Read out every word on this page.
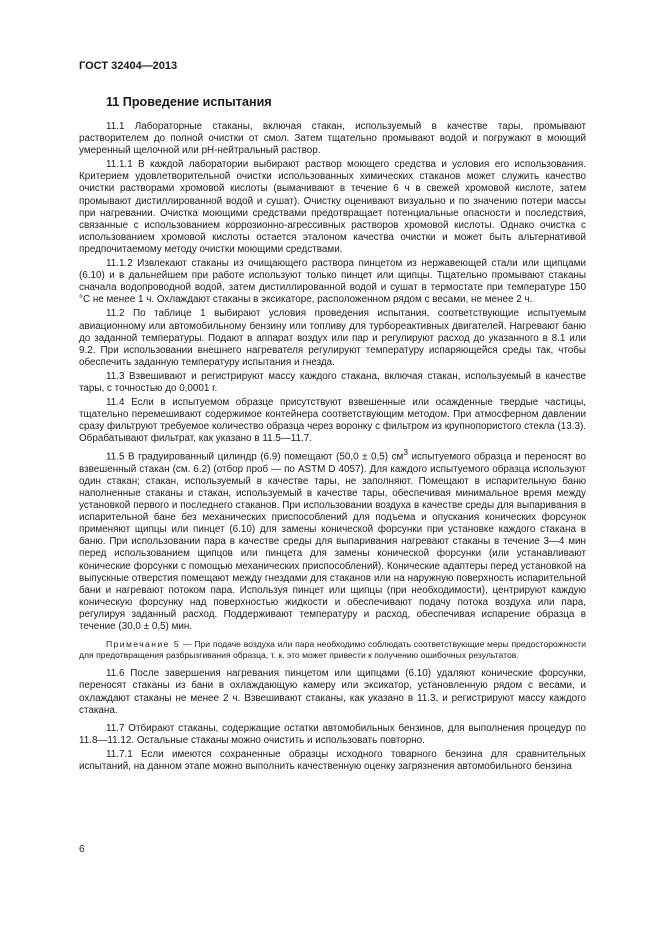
ГОСТ 32404—2013
11 Проведение испытания

11.1 Лабораторные стаканы, включая стакан, используемый в качестве тары, промывают растворителем до полной очистки от смол. Затем тщательно промывают водой и погружают в моющий умеренный щелочной или pH-нейтральный раствор.

11.1.1 В каждой лаборатории выбирают раствор моющего средства и условия его использования. Критерием удовлетворительной очистки использованных химических стаканов может служить качество очистки растворами хромовой кислоты (вымачивают в течение 6 ч в свежей хромовой кислоте, затем промывают дистиллированной водой и сушат). Очистку оценивают визуально и по значению потери массы при нагревании. Очистка моющими средствами предотвращает потенциальные опасности и последствия, связанные с использованием коррозионно-агрессивных растворов хромовой кислоты. Однако очистка с использованием хромовой кислоты остается эталоном качества очистки и может быть альтернативой предпочитаемому методу очистки моющими средствами.

11.1.2 Извлекают стаканы из очищающего раствора пинцетом из нержавеющей стали или щипцами (6.10) и в дальнейшем при работе используют только пинцет или щипцы. Тщательно промывают стаканы сначала водопроводной водой, затем дистиллированной водой и сушат в термостате при температуре 150 °С не менее 1 ч. Охлаждают стаканы в эксикаторе, расположенном рядом с весами, не менее 2 ч.

11.2 По таблице 1 выбирают условия проведения испытания, соответствующие испытуемым авиационному или автомобильному бензину или топливу для турбореактивных двигателей. Нагревают баню до заданной температуры. Подают в аппарат воздух или пар и регулируют расход до указанного в 8.1 или 9.2. При использовании внешнего нагревателя регулируют температуру испаряющейся среды так, чтобы обеспечить заданную температуру испытания и гнезда.

11.3 Взвешивают и регистрируют массу каждого стакана, включая стакан, используемый в качестве тары, с точностью до 0,0001 г.

11.4 Если в испытуемом образце присутствуют взвешенные или осажденные твердые частицы, тщательно перемешивают содержимое контейнера соответствующим методом. При атмосферном давлении сразу фильтруют требуемое количество образца через воронку с фильтром из крупнопористого стекла (13.3). Обрабатывают фильтрат, как указано в 11.5—11.7.

11.5 В градуированный цилиндр (6.9) помещают (50,0 ± 0,5) $см^3$ испытуемого образца и переносят во взвешенный стакан (см. 6.2) (отбор проб — по ASTM D 4057). Для каждого испытуемого образца используют один стакан; стакан, используемый в качестве тары, не заполняют. Помещают в испарительную баню наполненные стаканы и стакан, используемый в качестве тары, обеспечивая минимальное время между установкой первого и последнего стаканов. При использовании воздуха в качестве среды для выпаривания в испарительной бане без механических приспособлений для подъема и опускания конических форсунок применяют щипцы или пинцет (6.10) для замены конической форсунки при установке каждого стакана в баню. При использовании пара в качестве среды для выпаривания нагревают стаканы в течение 3—4 мин перед использованием щипцов или пинцета для замены конической форсунки (или устанавливают конические форсунки с помощью механических приспособлений). Конические адаптеры перед установкой на выпускные отверстия помещают между гнездами для стаканов или на наружную поверхность испарительной бани и нагревают потоком пара. Используя пинцет или щипцы (при необходимости), центрируют каждую коническую форсунку над поверхностью жидкости и обеспечивают подачу потока воздуха или пара, регулируя заданный расход. Поддерживают температуру и расход, обеспечивая испарение образца в течение (30,0 ± 0,5) мин.

Примечание 5 — При подаче воздуха или пара необходимо соблюдать соответствующие меры предосторожности для предотвращения разбрызгивания образца, т. к. это может привести к получению ошибочных результатов.

11.6 После завершения нагревания пинцетом или щипцами (6.10) удаляют конические форсунки, переносят стаканы из бани в охлаждающую камеру или эксикатор, установленную рядом с весами, и охлаждают стаканы не менее 2 ч. Взвешивают стаканы, как указано в 11.3, и регистрируют массу каждого стакана.

11.7 Отбирают стаканы, содержащие остатки автомобильных бензинов, для выполнения процедур по 11.8—11.12. Остальные стаканы можно очистить и использовать повторно.

11.7.1 Если имеются сохраненные образцы исходного товарного бензина для сравнительных испытаний, на данном этапе можно выполнить качественную оценку загрязнения автомобильного бензина

6
